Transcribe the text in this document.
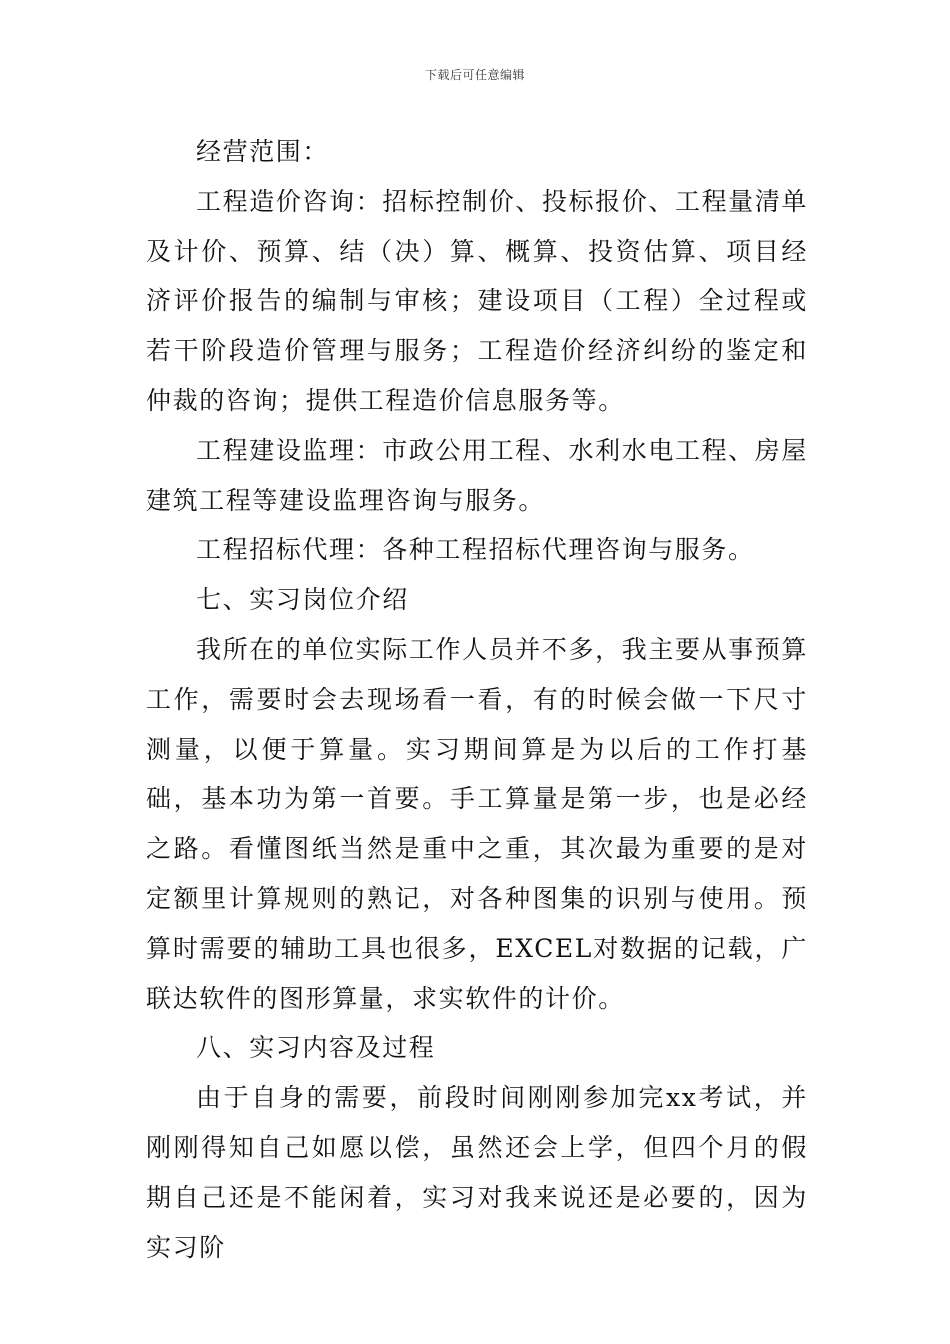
下载后可任意编辑

经营范围：

工程造价咨询：招标控制价、投标报价、工程量清单及计价、预算、结（决）算、概算、投资估算、项目经济评价报告的编制与审核；建设项目（工程）全过程或若干阶段造价管理与服务；工程造价经济纠纷的鉴定和仲裁的咨询；提供工程造价信息服务等。

工程建设监理：市政公用工程、水利水电工程、房屋建筑工程等建设监理咨询与服务。

工程招标代理：各种工程招标代理咨询与服务。

七、实习岗位介绍

我所在的单位实际工作人员并不多，我主要从事预算工作，需要时会去现场看一看，有的时候会做一下尺寸测量，以便于算量。实习期间算是为以后的工作打基础，基本功为第一首要。手工算量是第一步，也是必经之路。看懂图纸当然是重中之重，其次最为重要的是对定额里计算规则的熟记，对各种图集的识别与使用。预算时需要的辅助工具也很多，EXCEL对数据的记载，广联达软件的图形算量，求实软件的计价。

八、实习内容及过程

由于自身的需要，前段时间刚刚参加完xx考试，并刚刚得知自己如愿以偿，虽然还会上学，但四个月的假期自己还是不能闲着，实习对我来说还是必要的，因为实习阶
